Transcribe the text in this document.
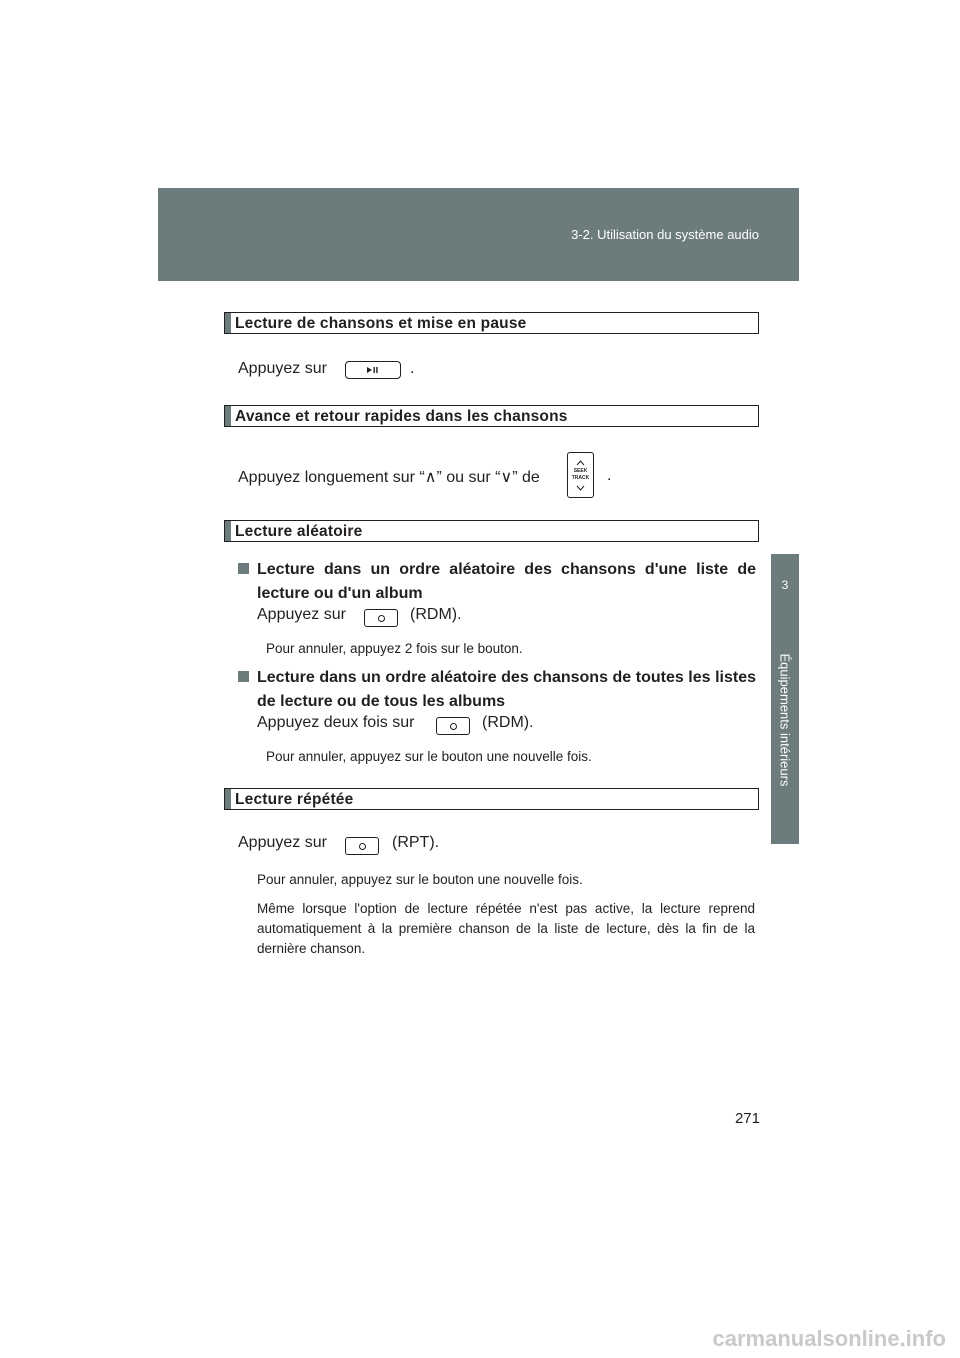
3-2. Utilisation du système audio
3
Équipements intérieurs
Lecture de chansons et mise en pause
Appuyez sur	.
Avance et retour rapides dans les chansons
Appuyez longuement sur “∧” ou sur “∨” de	SEEK
TRACK .
Lecture aléatoire
Lecture dans un ordre aléatoire des chansons d'une liste de lecture ou d'un album
Appuyez sur	(RDM).
Pour annuler, appuyez 2 fois sur le bouton.
Lecture dans un ordre aléatoire des chansons de toutes les listes de lecture ou de tous les albums
Appuyez deux fois sur	(RDM).
Pour annuler, appuyez sur le bouton une nouvelle fois.
Lecture répétée
Appuyez sur	(RPT).
Pour annuler, appuyez sur le bouton une nouvelle fois.
Même lorsque l'option de lecture répétée n'est pas active, la lecture reprend automatiquement à la première chanson de la liste de lecture, dès la fin de la dernière chanson.
271
carmanualsonline.info
